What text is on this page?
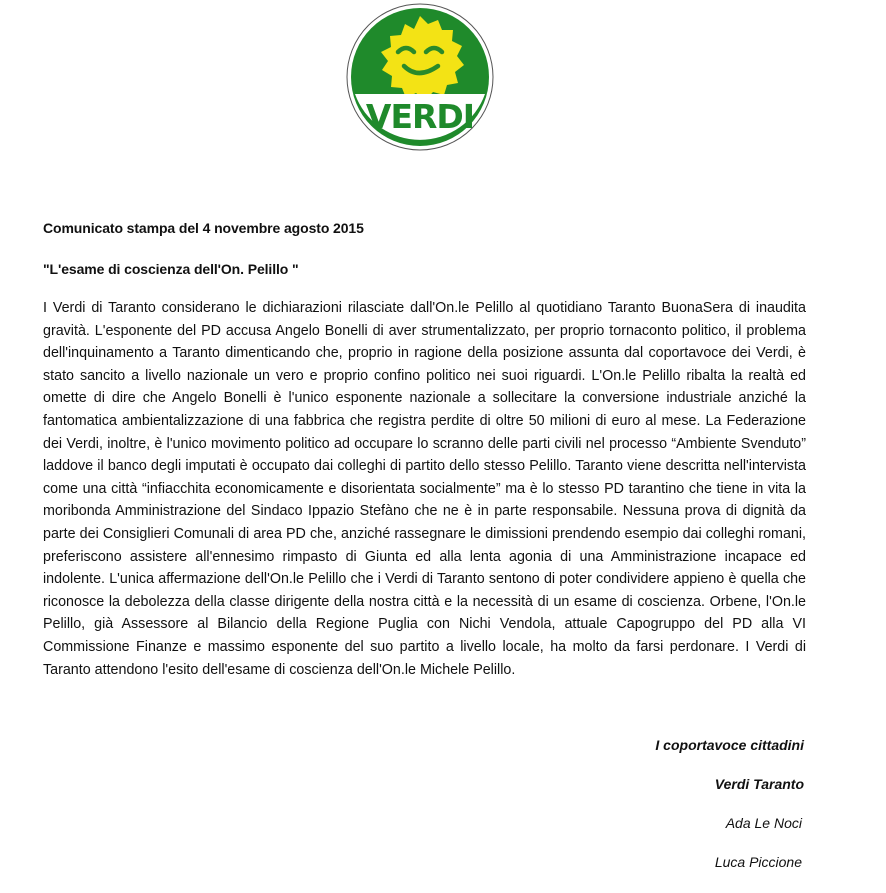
VERDI
Comunicato stampa del 4 novembre agosto 2015
"L'esame di coscienza dell'On. Pelillo "
I Verdi di Taranto considerano le dichiarazioni rilasciate dall'On.le Pelillo al quotidiano Taranto BuonaSera di inaudita gravità. L'esponente del PD accusa Angelo Bonelli di aver strumentalizzato, per proprio tornaconto politico, il problema dell'inquinamento a Taranto dimenticando che, proprio in ragione della posizione assunta dal coportavoce dei Verdi, è stato sancito a livello nazionale un vero e proprio confino politico nei suoi riguardi. L'On.le Pelillo ribalta la realtà ed omette di dire che Angelo Bonelli è l'unico esponente nazionale a sollecitare la conversione industriale anziché la fantomatica ambientalizzazione di una fabbrica che registra perdite di oltre 50 milioni di euro al mese. La Federazione dei Verdi, inoltre, è l'unico movimento politico ad occupare lo scranno delle parti civili nel processo “Ambiente Svenduto” laddove il banco degli imputati è occupato dai colleghi di partito dello stesso Pelillo. Taranto viene descritta nell'intervista come una città “infiacchita economicamente e disorientata socialmente” ma è lo stesso PD tarantino che tiene in vita la moribonda Amministrazione del Sindaco Ippazio Stefàno che ne è in parte responsabile. Nessuna prova di dignità da parte dei Consiglieri Comunali di area PD che, anziché rassegnare le dimissioni prendendo esempio dai colleghi romani, preferiscono assistere all'ennesimo rimpasto di Giunta ed alla lenta agonia di una Amministrazione incapace ed indolente. L'unica affermazione dell'On.le Pelillo che i Verdi di Taranto sentono di poter condividere appieno è quella che riconosce la debolezza della classe dirigente della nostra città e la necessità di un esame di coscienza. Orbene, l'On.le Pelillo, già Assessore al Bilancio della Regione Puglia con Nichi Vendola, attuale Capogruppo del PD alla VI Commissione Finanze e massimo esponente del suo partito a livello locale, ha molto da farsi perdonare. I Verdi di Taranto attendono l'esito dell'esame di coscienza dell'On.le Michele Pelillo.
I coportavoce cittadini
Verdi Taranto
Ada Le Noci
Luca Piccione
